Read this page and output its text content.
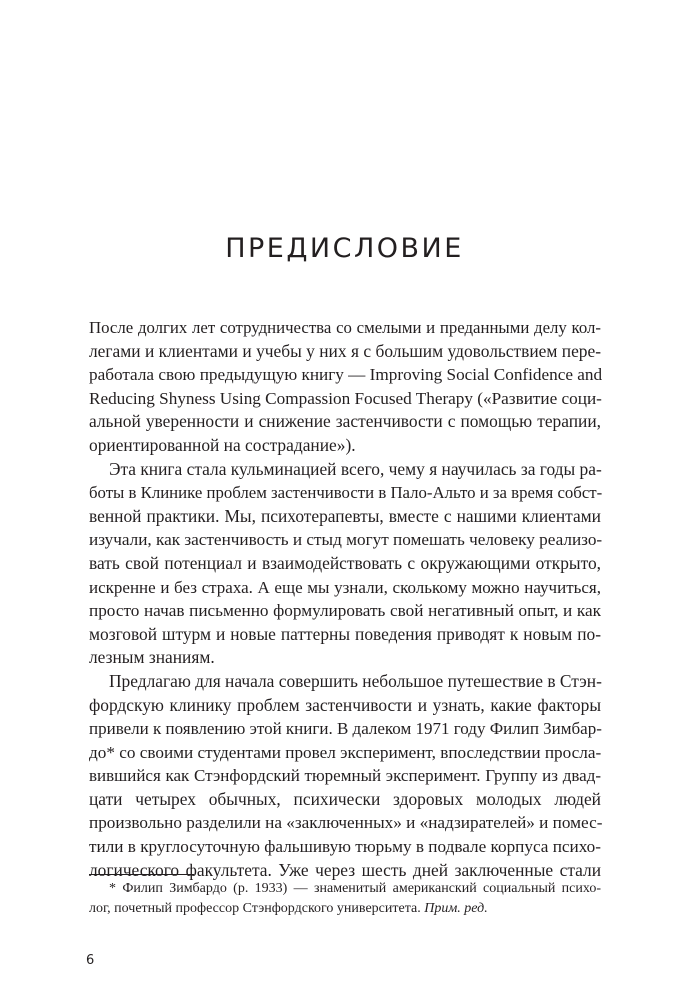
ПРЕДИСЛОВИЕ

После долгих лет сотрудничества со смелыми и преданными делу кол-
легами и клиентами и учебы у них я с большим удовольствием пере-
работала свою предыдущую книгу — Improving Social Confidence and
Reducing Shyness Using Compassion Focused Therapy («Развитие соци-
альной уверенности и снижение застенчивости с помощью терапии,
ориентированной на сострадание»).

Эта книга стала кульминацией всего, чему я научилась за годы ра-
боты в Клинике проблем застенчивости в Пало-Альто и за время собст-
венной практики. Мы, психотерапевты, вместе с нашими клиентами
изучали, как застенчивость и стыд могут помешать человеку реализо-
вать свой потенциал и взаимодействовать с окружающими открыто,
искренне и без страха. А еще мы узнали, сколькому можно научиться,
просто начав письменно формулировать свой негативный опыт, и как
мозговой штурм и новые паттерны поведения приводят к новым по-
лезным знаниям.

Предлагаю для начала совершить небольшое путешествие в Стэн-
фордскую клинику проблем застенчивости и узнать, какие факторы
привели к появлению этой книги. В далеком 1971 году Филип Зимбар-
до* со своими студентами провел эксперимент, впоследствии просла-
вившийся как Стэнфордский тюремный эксперимент. Группу из двад-
цати четырех обычных, психически здоровых молодых людей
произвольно разделили на «заключенных» и «надзирателей» и помес-
тили в круглосуточную фальшивую тюрьму в подвале корпуса психо-
логического факультета. Уже через шесть дней заключенные стали

* Филип Зимбардо (р. 1933) — знаменитый американский социальный психо-
лог, почетный профессор Стэнфордского университета. Прим. ред.
6
